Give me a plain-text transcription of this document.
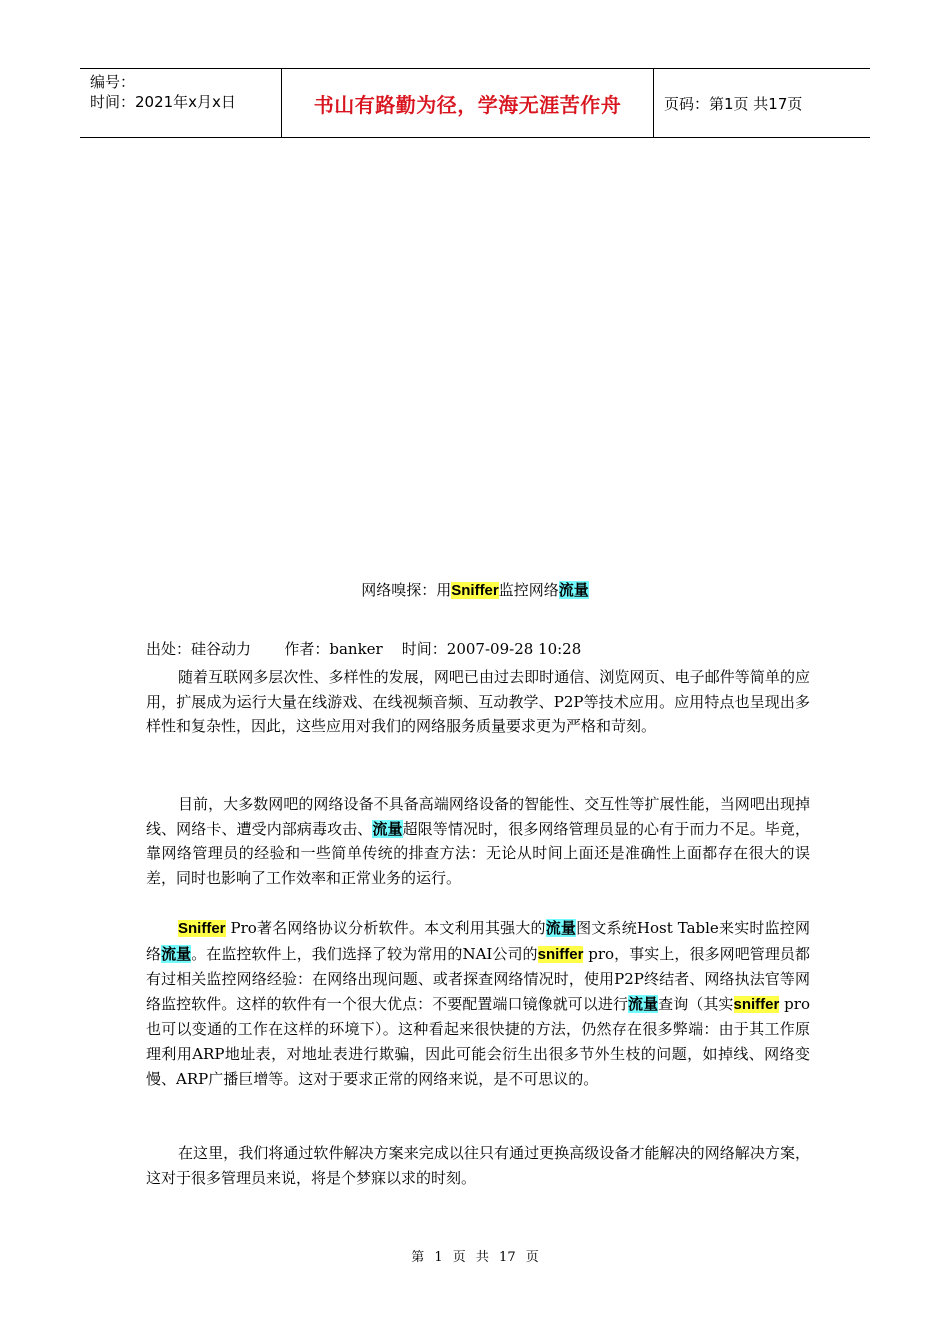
编号：
时间：2021年x月x日	书山有路勤为径，学海无涯苦作舟	页码：第1页 共17页
网络嗅探：用Sniffer监控网络流量
出处：硅谷动力       作者：banker    时间：2007-09-28 10:28
随着互联网多层次性、多样性的发展，网吧已由过去即时通信、浏览网页、电子邮件等简单的应用，扩展成为运行大量在线游戏、在线视频音频、互动教学、P2P等技术应用。应用特点也呈现出多样性和复杂性，因此，这些应用对我们的网络服务质量要求更为严格和苛刻。
目前，大多数网吧的网络设备不具备高端网络设备的智能性、交互性等扩展性能，当网吧出现掉线、网络卡、遭受内部病毒攻击、流量超限等情况时，很多网络管理员显的心有于而力不足。毕竟，靠网络管理员的经验和一些简单传统的排查方法：无论从时间上面还是准确性上面都存在很大的误差，同时也影响了工作效率和正常业务的运行。
Sniffer Pro著名网络协议分析软件。本文利用其强大的流量图文系统Host Table来实时监控网络流量。在监控软件上，我们选择了较为常用的NAI公司的sniffer pro，事实上，很多网吧管理员都有过相关监控网络经验：在网络出现问题、或者探查网络情况时，使用P2P终结者、网络执法官等网络监控软件。这样的软件有一个很大优点：不要配置端口镜像就可以进行流量查询（其实sniffer pro也可以变通的工作在这样的环境下）。这种看起来很快捷的方法，仍然存在很多弊端：由于其工作原理利用ARP地址表，对地址表进行欺骗，因此可能会衍生出很多节外生枝的问题，如掉线、网络变慢、ARP广播巨增等。这对于要求正常的网络来说，是不可思议的。
在这里，我们将通过软件解决方案来完成以往只有通过更换高级设备才能解决的网络解决方案，这对于很多管理员来说，将是个梦寐以求的时刻。
第 1 页 共 17 页
